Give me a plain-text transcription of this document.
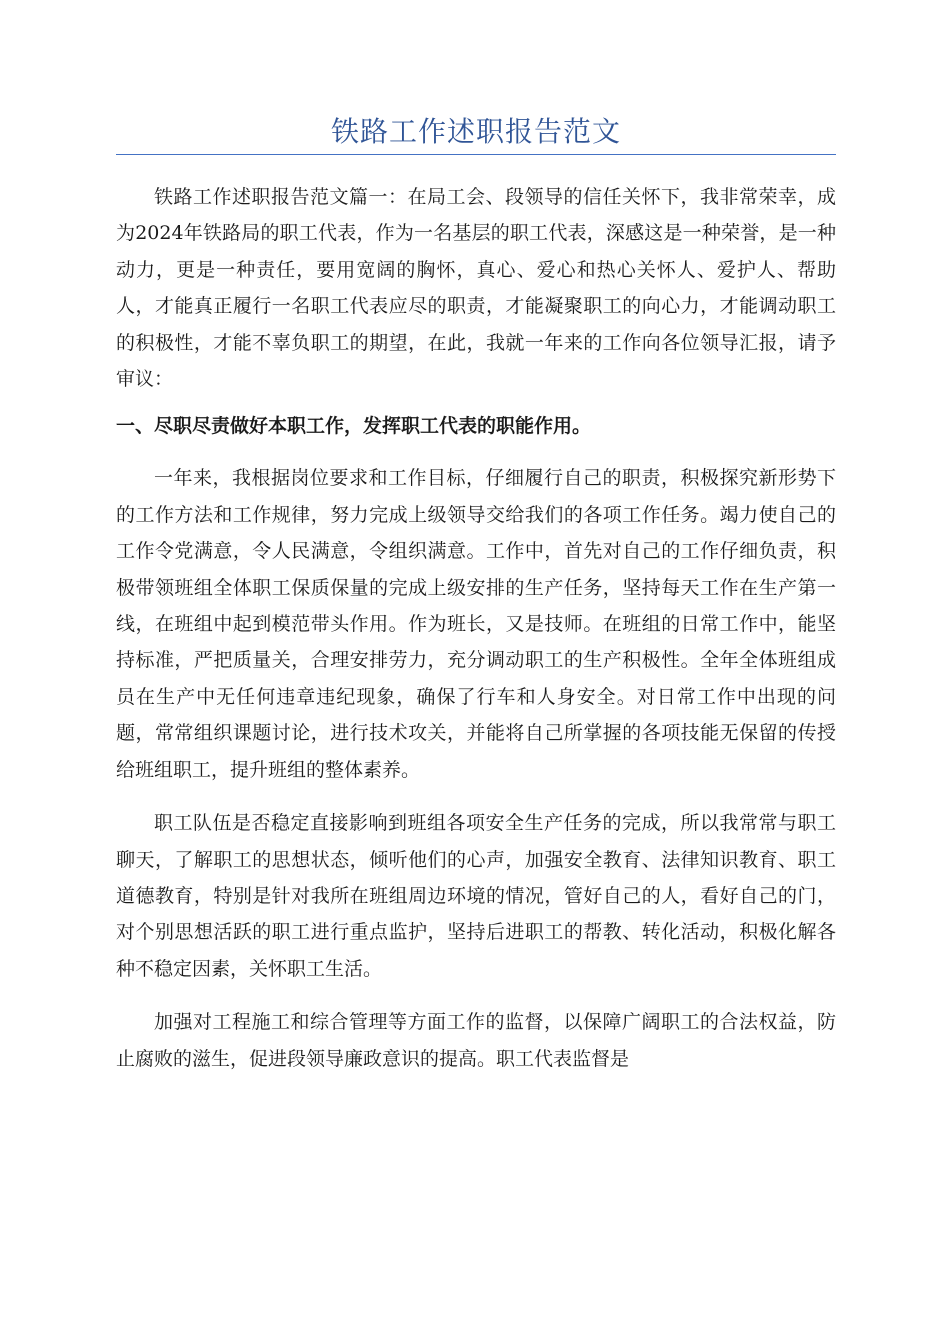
铁路工作述职报告范文

铁路工作述职报告范文篇一：在局工会、段领导的信任关怀下，我非常荣幸，成为2024年铁路局的职工代表，作为一名基层的职工代表，深感这是一种荣誉，是一种动力，更是一种责任，要用宽阔的胸怀，真心、爱心和热心关怀人、爱护人、帮助人，才能真正履行一名职工代表应尽的职责，才能凝聚职工的向心力，才能调动职工的积极性，才能不辜负职工的期望，在此，我就一年来的工作向各位领导汇报，请予审议：

一、尽职尽责做好本职工作，发挥职工代表的职能作用。

一年来，我根据岗位要求和工作目标，仔细履行自己的职责，积极探究新形势下的工作方法和工作规律，努力完成上级领导交给我们的各项工作任务。竭力使自己的工作令党满意，令人民满意，令组织满意。工作中，首先对自己的工作仔细负责，积极带领班组全体职工保质保量的完成上级安排的生产任务，坚持每天工作在生产第一线，在班组中起到模范带头作用。作为班长，又是技师。在班组的日常工作中，能坚持标准，严把质量关，合理安排劳力，充分调动职工的生产积极性。全年全体班组成员在生产中无任何违章违纪现象，确保了行车和人身安全。对日常工作中出现的问题，常常组织课题讨论，进行技术攻关，并能将自己所掌握的各项技能无保留的传授给班组职工，提升班组的整体素养。

职工队伍是否稳定直接影响到班组各项安全生产任务的完成，所以我常常与职工聊天，了解职工的思想状态，倾听他们的心声，加强安全教育、法律知识教育、职工道德教育，特别是针对我所在班组周边环境的情况，管好自己的人，看好自己的门，对个别思想活跃的职工进行重点监护，坚持后进职工的帮教、转化活动，积极化解各种不稳定因素，关怀职工生活。

加强对工程施工和综合管理等方面工作的监督，以保障广阔职工的合法权益，防止腐败的滋生，促进段领导廉政意识的提高。职工代表监督是
